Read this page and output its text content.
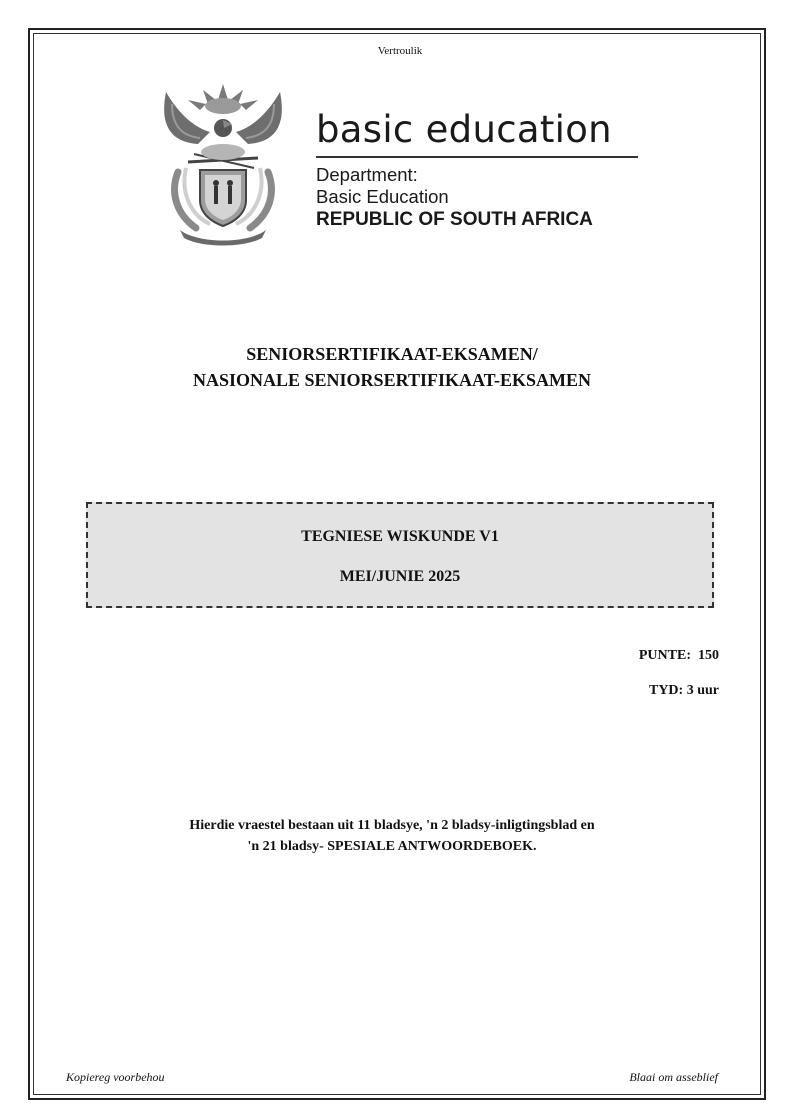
Vertroulik
basic education
Department:
Basic Education
REPUBLIC OF SOUTH AFRICA
SENIORSERTIFIKAAT-EKSAMEN/
NASIONALE SENIORSERTIFIKAAT-EKSAMEN
TEGNIESE WISKUNDE V1
MEI/JUNIE 2025
PUNTE:  150
TYD: 3 uur
Hierdie vraestel bestaan uit 11 bladsye, 'n 2 bladsy-inligtingsblad en
'n 21 bladsy- SPESIALE ANTWOORDEBOEK.
Kopiereg voorbehou	Blaai om asseblief
